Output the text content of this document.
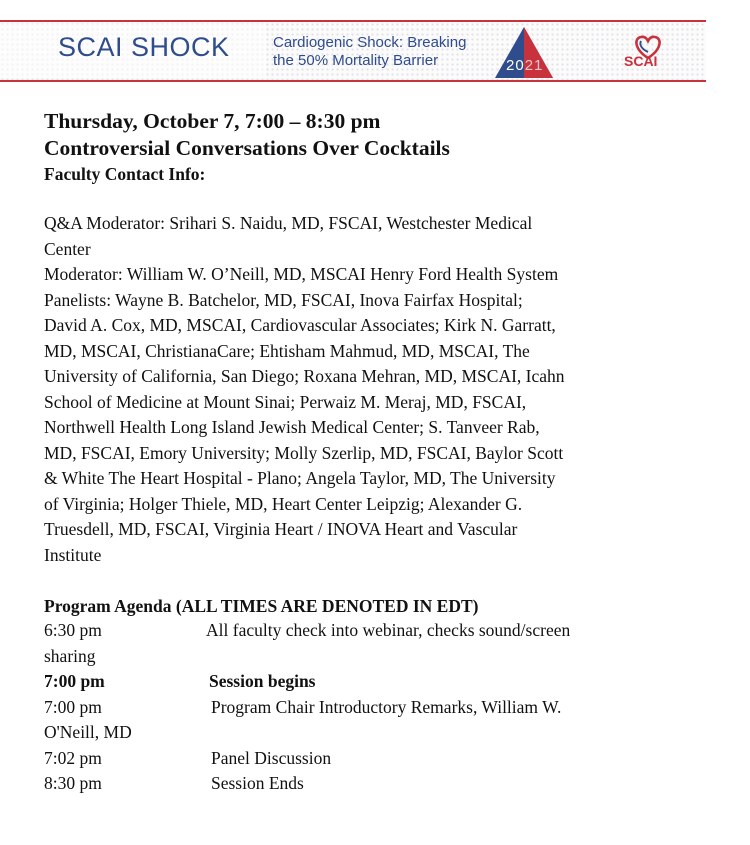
SCAI SHOCK	Cardiogenic Shock: Breaking
the 50% Mortality Barrier	2021	SCAI
Thursday, October 7, 7:00 – 8:30 pm
Controversial Conversations Over Cocktails
Faculty Contact Info:
Q&A Moderator: Srihari S. Naidu, MD, FSCAI, Westchester Medical
Center
Moderator: William W. O’Neill, MD, MSCAI Henry Ford Health System
Panelists: Wayne B. Batchelor, MD, FSCAI, Inova Fairfax Hospital;
David A. Cox, MD, MSCAI, Cardiovascular Associates; Kirk N. Garratt,
MD, MSCAI, ChristianaCare; Ehtisham Mahmud, MD, MSCAI, The
University of California, San Diego; Roxana Mehran, MD, MSCAI, Icahn
School of Medicine at Mount Sinai; Perwaiz M. Meraj, MD, FSCAI,
Northwell Health Long Island Jewish Medical Center; S. Tanveer Rab,
MD, FSCAI, Emory University; Molly Szerlip, MD, FSCAI, Baylor Scott
& White The Heart Hospital - Plano; Angela Taylor, MD, The University
of Virginia; Holger Thiele, MD, Heart Center Leipzig; Alexander G.
Truesdell, MD, FSCAI, Virginia Heart / INOVA Heart and Vascular
Institute
Program Agenda (ALL TIMES ARE DENOTED IN EDT)
6:30 pm	All faculty check into webinar, checks sound/screen
sharing
7:00 pm	Session begins
7:00 pm	Program Chair Introductory Remarks, William W.
O'Neill, MD
7:02 pm	Panel Discussion
8:30 pm	Session Ends
